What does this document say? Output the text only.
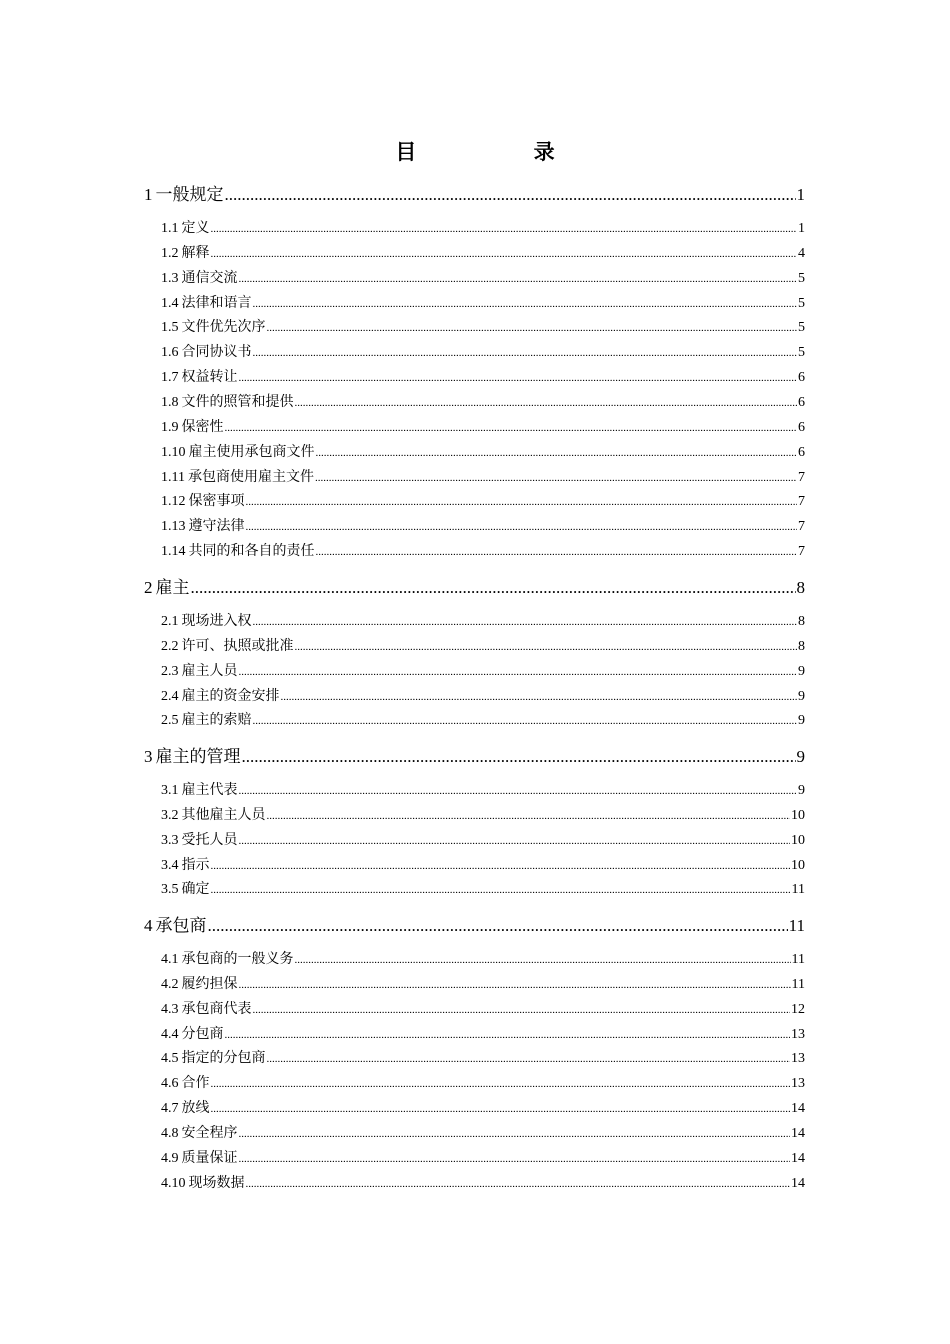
目 录
1 一般规定 .....	1
1.1 定义 .....	1
1.2 解释 .....	4
1.3 通信交流 .....	5
1.4 法律和语言 .....	5
1.5 文件优先次序 .....	5
1.6 合同协议书 .....	5
1.7 权益转让 .....	6
1.8 文件的照管和提供 .....	6
1.9 保密性 .....	6
1.10 雇主使用承包商文件 .....	6
1.11 承包商使用雇主文件 .....	7
1.12 保密事项 .....	7
1.13 遵守法律 .....	7
1.14 共同的和各自的责任 .....	7
2 雇主 .....	8
2.1 现场进入权 .....	8
2.2 许可、执照或批准 .....	8
2.3 雇主人员 .....	9
2.4 雇主的资金安排 .....	9
2.5 雇主的索赔 .....	9
3 雇主的管理 .....	9
3.1 雇主代表 .....	9
3.2 其他雇主人员 .....	10
3.3 受托人员 .....	10
3.4 指示 .....	10
3.5 确定 .....	11
4 承包商 .....	11
4.1 承包商的一般义务 .....	11
4.2 履约担保 .....	11
4.3 承包商代表 .....	12
4.4 分包商 .....	13
4.5 指定的分包商 .....	13
4.6 合作 .....	13
4.7 放线 .....	14
4.8 安全程序 .....	14
4.9 质量保证 .....	14
4.10 现场数据 .....	14
